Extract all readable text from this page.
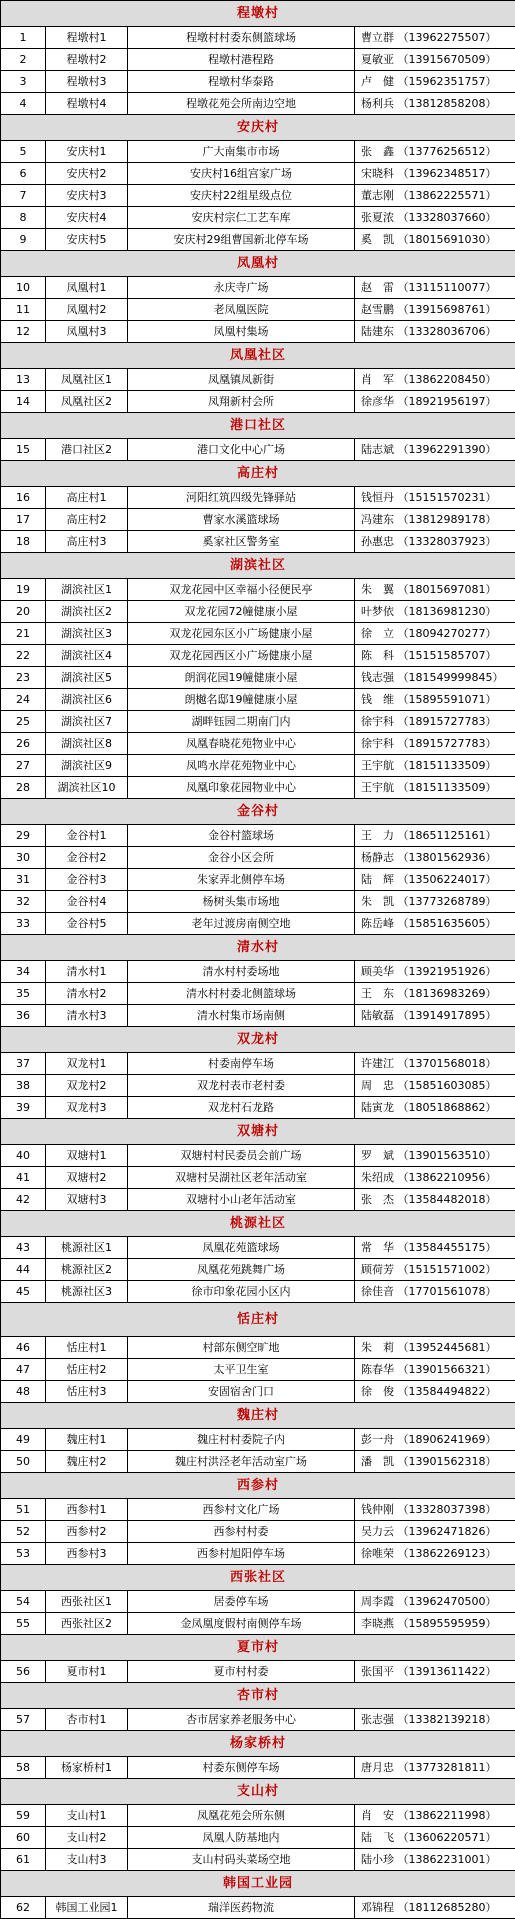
程墩村			
1	程墩村1	程墩村村委东侧篮球场	曹立群 （13962275507）
2	程墩村2	程墩村港程路	夏敏亚 （13915670509）
3	程墩村3	程墩村华泰路	卢　健 （15962351757）
4	程墩村4	程墩花苑会所南边空地	杨利兵 （13812858208）
安庆村			
5	安庆村1	广大南集市市场	张　鑫 （13776256512）
6	安庆村2	安庆村16组宫家广场	宋晓科 （13962348517）
7	安庆村3	安庆村22组星级点位	董志刚 （13862225571）
8	安庆村4	安庆村宗仁工艺车库	张夏浓 （13328037660）
9	安庆村5	安庆村29组曹国新北停车场	奚　凯 （18015691030）
凤凰村			
10	凤凰村1	永庆寺广场	赵　雷 （13115110077）
11	凤凰村2	老凤凰医院	赵雪鹏 （13915698761）
12	凤凰村3	凤凰村集场	陆建东 （13328036706）
凤凰社区			
13	凤凰社区1	凤凰镇凤新街	肖　军 （13862208450）
14	凤凰社区2	凤翔新村会所	徐彦华 （18921956197）
港口社区			
15	港口社区2	港口文化中心广场	陆志斌 （13962291390）
高庄村			
16	高庄村1	河阳红筑四级先锋驿站	钱恒丹 （15151570231）
17	高庄村2	曹家水溪篮球场	冯建东 （13812989178）
18	高庄村3	奚家社区警务室	孙惠忠 （13328037923）
湖滨社区			
19	湖滨社区1	双龙花园中区幸福小径便民亭	朱　翼 （18015697081）
20	湖滨社区2	双龙花园72幢健康小屋	叶梦依 （18136981230）
21	湖滨社区3	双龙花园东区小广场健康小屋	徐　立 （18094270277）
22	湖滨社区4	双龙花园西区小广场健康小屋	陈　科 （15151585707）
23	湖滨社区5	朗润花园19幢健康小屋	钱志强 （181549999845）
24	湖滨社区6	朗樾名邸19幢健康小屋	钱　维 （15895591071）
25	湖滨社区7	湖畔钰园二期南门内	徐宇科 （18915727783）
26	湖滨社区8	凤凰春晓花苑物业中心	徐宇科 （18915727783）
27	湖滨社区9	凤鸣水岸花苑物业中心	王宇航 （18151133509）
28	湖滨社区10	凤凰印象花园物业中心	王宇航 （18151133509）
金谷村			
29	金谷村1	金谷村篮球场	王　力 （18651125161）
30	金谷村2	金谷小区会所	杨静志 （13801562936）
31	金谷村3	朱家弄北侧停车场	陆　辉 （13506224017）
32	金谷村4	杨树头集市场地	朱　凯 （13773268789）
33	金谷村5	老年过渡房南侧空地	陈岳峰 （15851635605）
清水村			
34	清水村1	清水村村委场地	顾美华 （13921951926）
35	清水村2	清水村村委北侧篮球场	王　东 （18136983269）
36	清水村3	清水村集市场南侧	陆敏磊 （13914917895）
双龙村			
37	双龙村1	村委南停车场	许建江 （13701568018）
38	双龙村2	双龙村表市老村委	周　忠 （15851603085）
39	双龙村3	双龙村石龙路	陆寅龙 （18051868862）
双塘村			
40	双塘村1	双塘村村民委员会前广场	罗　斌 （13901563510）
41	双塘村2	双塘村吴湖社区老年活动室	朱绍成 （13862210956）
42	双塘村3	双塘村小山老年活动室	张　杰 （13584482018）
桃源社区			
43	桃源社区1	凤凰花苑篮球场	常　华 （13584455175）
44	桃源社区2	凤凰花苑跳舞广场	顾荷芳 （15151571002）
45	桃源社区3	徐市印象花园小区内	徐佳音 （17701561078）
恬庄村			
46	恬庄村1	村部东侧空旷地	朱　莉 （13952445681）
47	恬庄村2	太平卫生室	陈春华 （13901566321）
48	恬庄村3	安固宿舍门口	徐　俊 （13584494822）
魏庄村			
49	魏庄村1	魏庄村村委院子内	彭一舟 （18906241969）
50	魏庄村2	魏庄村洪泾老年活动室广场	潘　凯 （13901562318）
西参村			
51	西参村1	西参村文化广场	钱仲刚 （13328037398）
52	西参村2	西参村村委	吴力云 （13962471826）
53	西参村3	西参村旭阳停车场	徐唯荣 （13862269123）
西张社区			
54	西张社区1	居委停车场	周李霞 （13962470500）
55	西张社区2	金凤凰度假村南侧停车场	李晓燕 （15895595959）
夏市村			
56	夏市村1	夏市村村委	张国平 （13913611422）
杏市村			
57	杏市村1	杏市居家养老服务中心	张志强 （13382139218）
杨家桥村			
58	杨家桥村1	村委东侧停车场	唐月忠 （13773281811）
支山村			
59	支山村1	凤凰花苑会所东侧	肖　安 （13862211998）
60	支山村2	凤凰人防基地内	陆　飞 （13606220571）
61	支山村3	支山村码头菜场空地	陆小珍 （13862231001）
韩国工业园			
62	韩国工业园1	瑞洋医药物流	邓锦程 （18112685280）
